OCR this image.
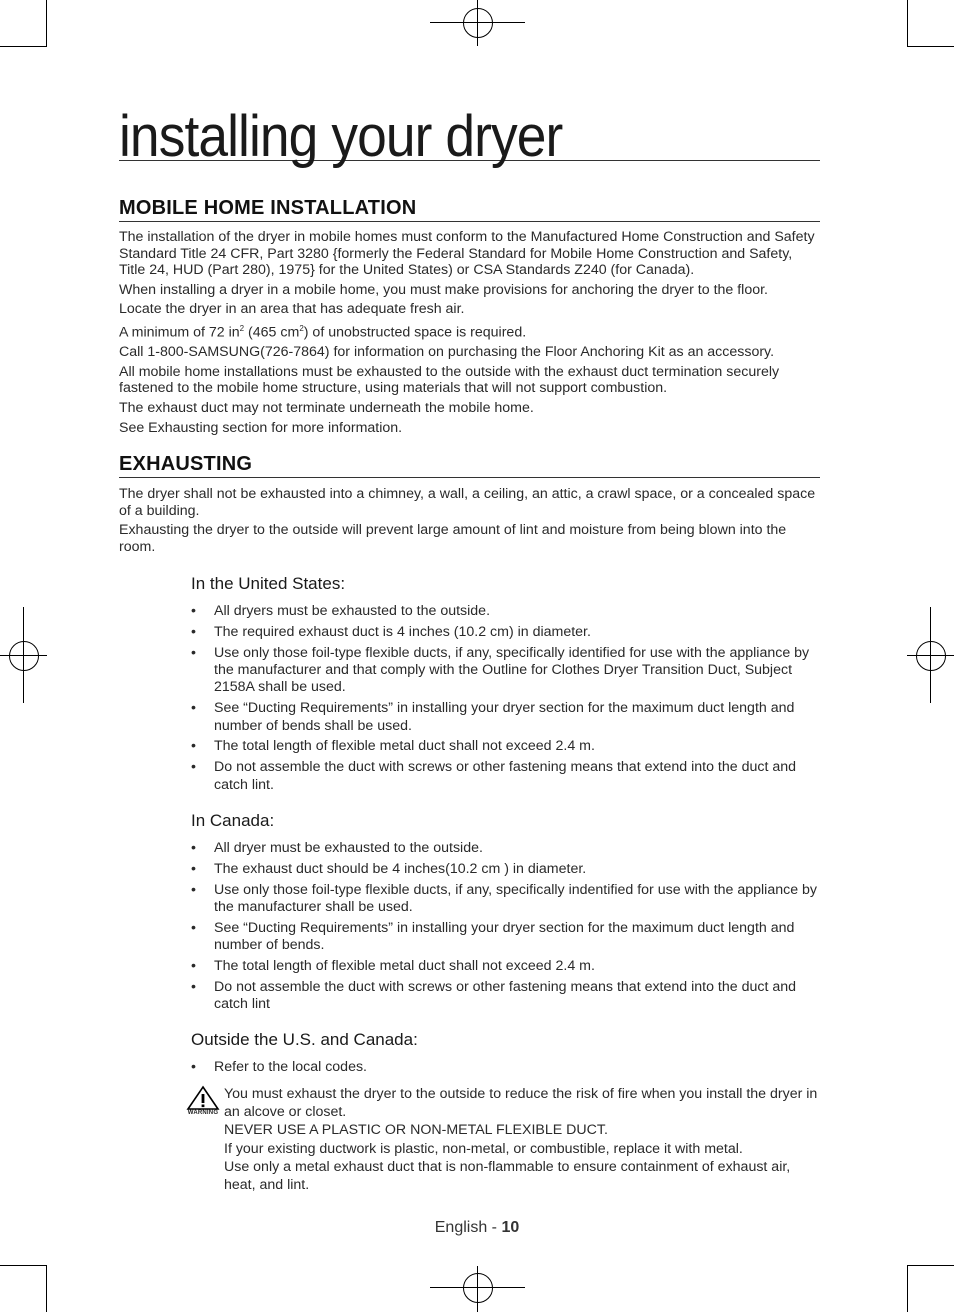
installing your dryer
MOBILE HOME INSTALLATION

The installation of the dryer in mobile homes must conform to the Manufactured Home Construction and Safety Standard Title 24 CFR, Part 3280 {formerly the Federal Standard for Mobile Home Construction and Safety, Title 24, HUD (Part 280), 1975} for the United States) or CSA Standards Z240 (for Canada).

When installing a dryer in a mobile home, you must make provisions for anchoring the dryer to the floor.

Locate the dryer in an area that has adequate fresh air.

A minimum of 72 $in^2$ (465 $cm^2$) of unobstructed space is required.

Call 1-800-SAMSUNG(726-7864) for information on purchasing the Floor Anchoring Kit as an accessory.

All mobile home installations must be exhausted to the outside with the exhaust duct termination securely fastened to the mobile home structure, using materials that will not support combustion.

The exhaust duct may not terminate underneath the mobile home.

See Exhausting section for more information.

EXHAUSTING

The dryer shall not be exhausted into a chimney, a wall, a ceiling, an attic, a crawl space, or a concealed space of a building.

Exhausting the dryer to the outside will prevent large amount of lint and moisture from being blown into the room.

In the United States:

• All dryers must be exhausted to the outside.
• The required exhaust duct is 4 inches (10.2 cm) in diameter.
• Use only those foil-type flexible ducts, if any, specifically identified for use with the appliance by the manufacturer and that comply with the Outline for Clothes Dryer Transition Duct, Subject 2158A shall be used.
• See “Ducting Requirements” in installing your dryer section for the maximum duct length and number of bends shall be used.
• The total length of flexible metal duct shall not exceed 2.4 m.
• Do not assemble the duct with screws or other fastening means that extend into the duct and catch lint.

In Canada:

• All dryer must be exhausted to the outside.
• The exhaust duct should be 4 inches(10.2 cm ) in diameter.
• Use only those foil-type flexible ducts, if any, specifically indentified for use with the appliance by the manufacturer shall be used.
• See “Ducting Requirements” in installing your dryer section for the maximum duct length and number of bends.
• The total length of flexible metal duct shall not exceed 2.4 m.
• Do not assemble the duct with screws or other fastening means that extend into the duct and catch lint

Outside the U.S. and Canada:

• Refer to the local codes.
WARNING

You must exhaust the dryer to the outside to reduce the risk of fire when you install the dryer in an alcove or closet.

NEVER USE A PLASTIC OR NON-METAL FLEXIBLE DUCT.

If your existing ductwork is plastic, non-metal, or combustible, replace it with metal.

Use only a metal exhaust duct that is non-flammable to ensure containment of exhaust air, heat, and lint.

English - 10
